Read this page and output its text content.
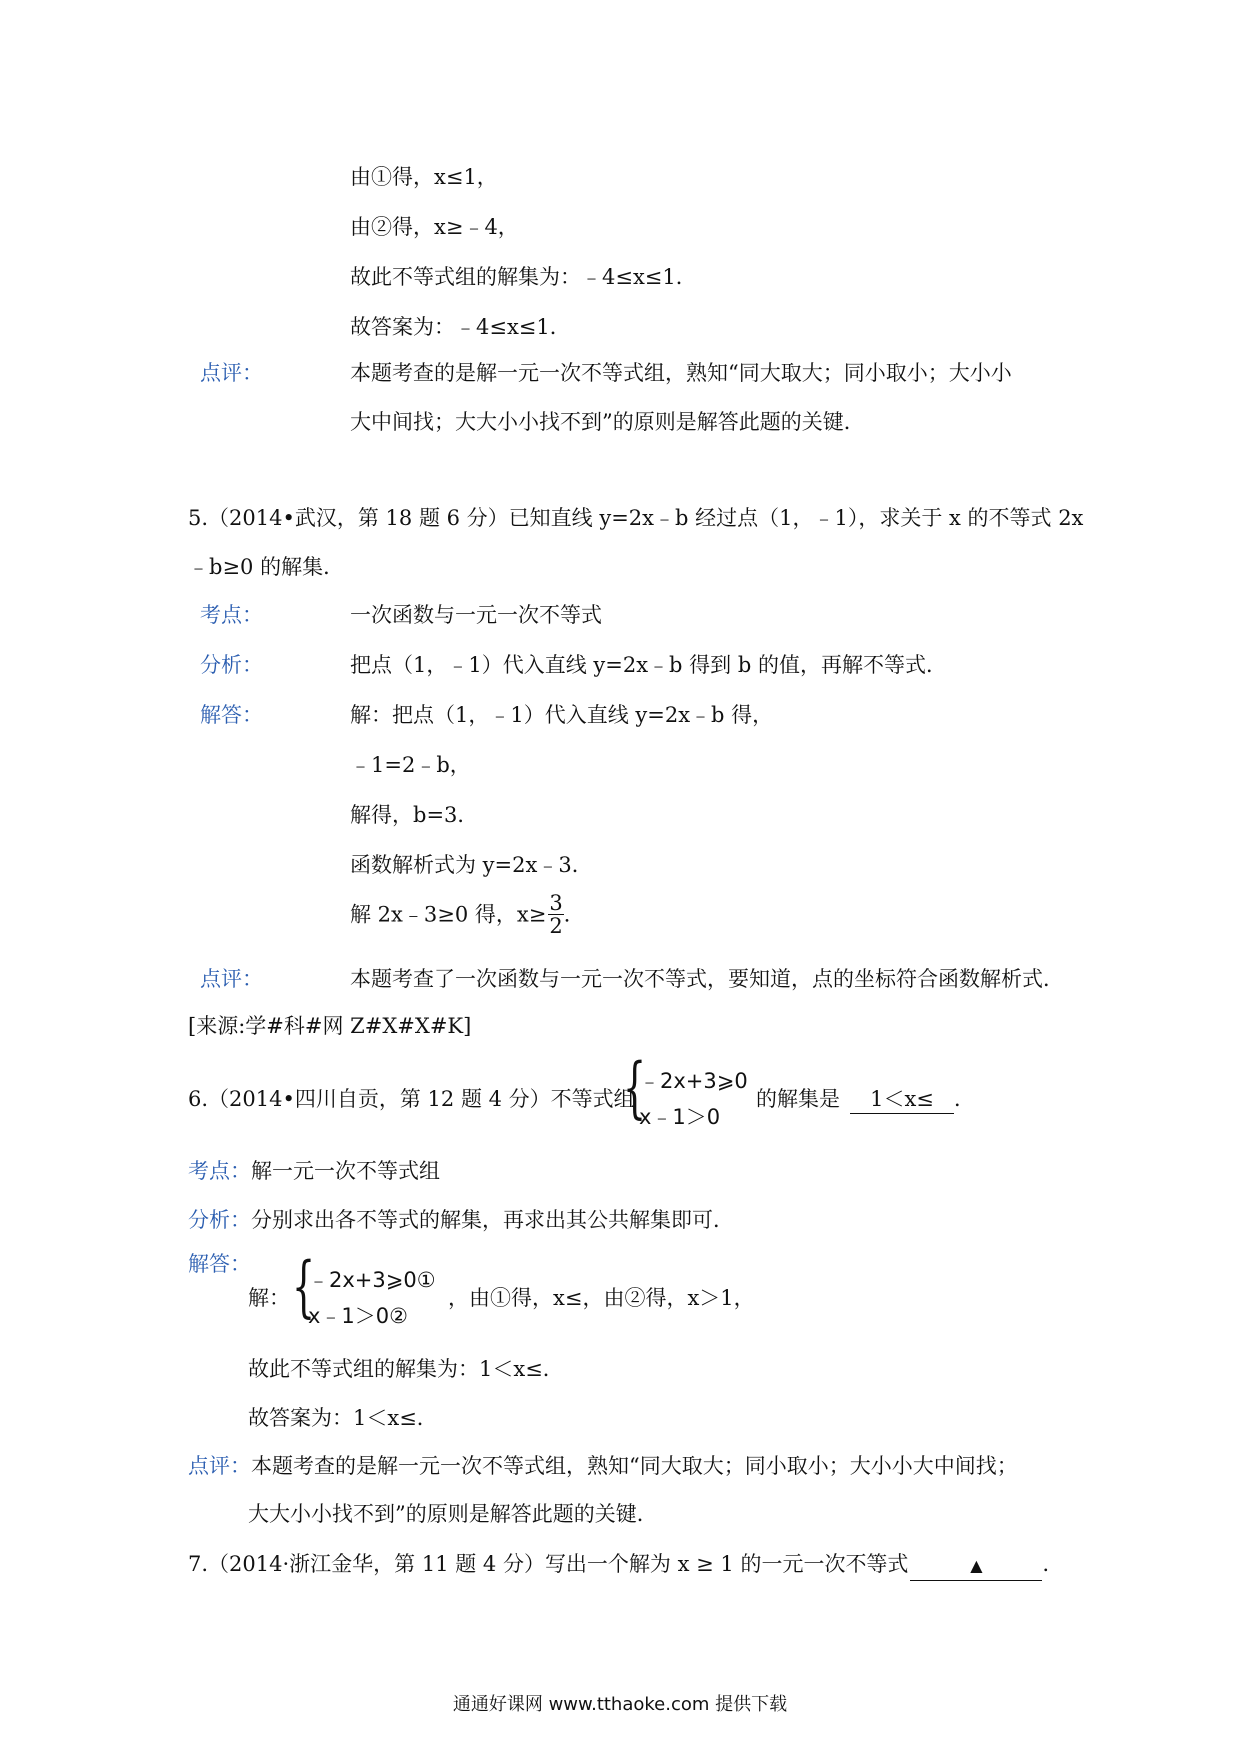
由①得，x≤1，
由②得，x≥﹣4，
故此不等式组的解集为：﹣4≤x≤1．
故答案为：﹣4≤x≤1．
点评：	本题考查的是解一元一次不等式组，熟知“同大取大；同小取小；大小小
大中间找；大大小小找不到”的原则是解答此题的关键．
5.（2014•武汉，第 18 题 6 分）已知直线 y=2x﹣b 经过点（1，﹣1），求关于 x 的不等式 2x
﹣b≥0 的解集．
考点：	一次函数与一元一次不等式
分析：	把点（1，﹣1）代入直线 y=2x﹣b 得到 b 的值，再解不等式．
解答：	解：把点（1，﹣1）代入直线 y=2x﹣b 得，
﹣1=2﹣b，
解得，b=3．
函数解析式为 y=2x﹣3．
解 2x﹣3≥0 得，$x\ge \frac{3}{2}$ ．
点评：	本题考查了一次函数与一元一次不等式，要知道，点的坐标符合函数解析式．
[来源:学#科#网 Z#X#X#K]
6.（2014•四川自贡，第 12 题 4 分）不等式组
{
﹣2x+3⩾0
x﹣1＞0
的解集是 1＜x≤ ．
考点：解一元一次不等式组
分析：分别求出各不等式的解集，再求出其公共解集即可．
解答：
解： {
﹣2x+3⩾0①
x﹣1＞0②
，由①得，x≤，由②得，x＞1，
故此不等式组的解集为：1＜x≤．
故答案为：1＜x≤．
点评：本题考查的是解一元一次不等式组，熟知“同大取大；同小取小；大小小大中间找；
大大小小找不到”的原则是解答此题的关键．
7.（2014·浙江金华，第 11 题 4 分）写出一个解为 x ≥ 1 的一元一次不等式	▲	．
通通好课网 www.tthaoke.com 提供下载
